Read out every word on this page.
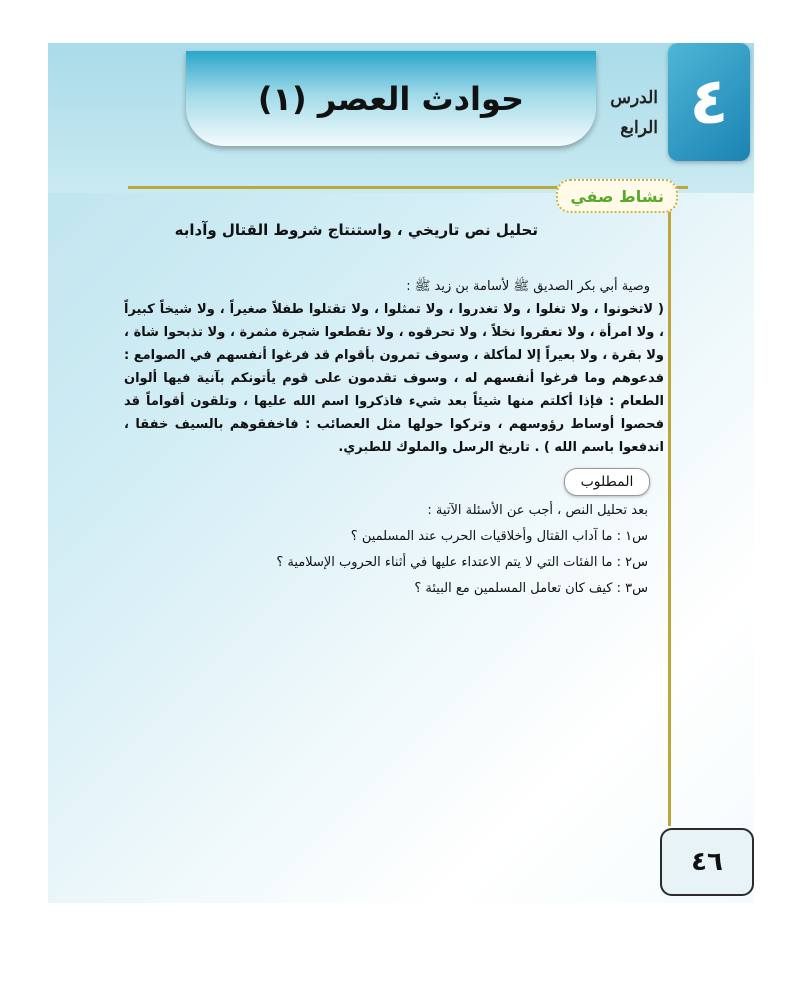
٤
الدرس
الرابع
حوادث العصر (١)
نشاط صفي
تحليل نص تاريخي ، واستنتاج شروط القتال وآدابه
وصية أبي بكر الصديق ﷺ لأسامة بن زيد ﷺ :
( لاتخونوا ، ولا تغلوا ، ولا تغدروا ، ولا تمثلوا ، ولا تقتلوا طفلاً صغيراً ، ولا شيخاً كبيراً ، ولا امرأة ، ولا تعقروا نخلاً ، ولا تحرقوه ، ولا تقطعوا شجرة مثمرة ، ولا تذبحوا شاة ، ولا بقرة ، ولا بعيراً إلا لمأكلة ، وسوف تمرون بأقوام قد فرغوا أنفسهم في الصوامع : فدعوهم وما فرغوا أنفسهم له ، وسوف تقدمون على قوم يأتونكم بآنية فيها ألوان الطعام : فإذا أكلتم منها شيئاً بعد شيء فاذكروا اسم الله عليها ، وتلقون أقواماً قد فحصوا أوساط رؤوسهم ، وتركوا حولها مثل العصائب : فاخفقوهم بالسيف خفقا ، اندفعوا باسم الله ) . تاريخ الرسل والملوك للطبري.
المطلوب
بعد تحليل النص ، أجب عن الأسئلة الآتية :
س١ : ما آداب القتال وأخلاقيات الحرب عند المسلمين ؟
س٢ : ما الفئات التي لا يتم الاعتداء عليها في أثناء الحروب الإسلامية ؟
س٣ : كيف كان تعامل المسلمين مع البيئة ؟
٤٦
